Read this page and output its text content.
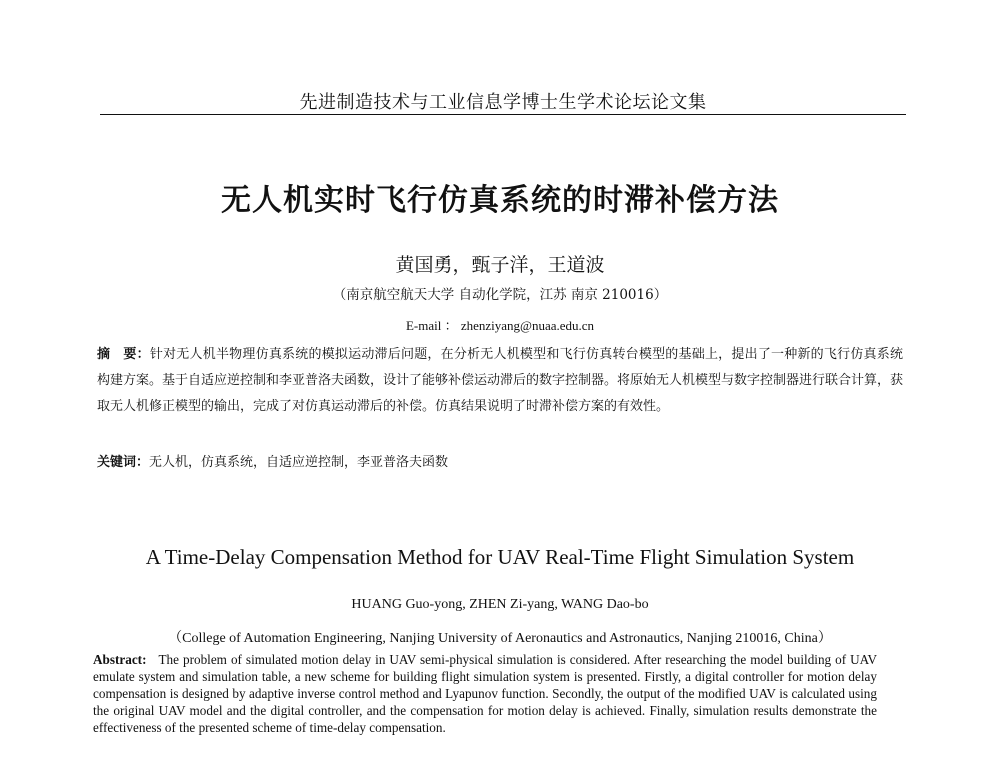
先进制造技术与工业信息学博士生学术论坛论文集
无人机实时飞行仿真系统的时滞补偿方法
黄国勇，甄子洋，王道波
（南京航空航天大学 自动化学院，江苏 南京 210016）
E-mail ： zhenziyang@nuaa.edu.cn
摘　要：针对无人机半物理仿真系统的模拟运动滞后问题，在分析无人机模型和飞行仿真转台模型的基础上，提出了一种新的飞行仿真系统构建方案。基于自适应逆控制和李亚普洛夫函数，设计了能够补偿运动滞后的数字控制器。将原始无人机模型与数字控制器进行联合计算，获取无人机修正模型的输出，完成了对仿真运动滞后的补偿。仿真结果说明了时滞补偿方案的有效性。
关键词：无人机，仿真系统，自适应逆控制，李亚普洛夫函数
A Time-Delay Compensation Method for UAV Real-Time Flight Simulation System
HUANG Guo-yong, ZHEN Zi-yang, WANG Dao-bo
（College of Automation Engineering, Nanjing University of Aeronautics and Astronautics, Nanjing 210016, China）
Abstract: The problem of simulated motion delay in UAV semi-physical simulation is considered. After researching the model building of UAV emulate system and simulation table, a new scheme for building flight simulation system is presented. Firstly, a digital controller for motion delay compensation is designed by adaptive inverse control method and Lyapunov function. Secondly, the output of the modified UAV is calculated using the original UAV model and the digital controller, and the compensation for motion delay is achieved. Finally, simulation results demonstrate the effectiveness of the presented scheme of time-delay compensation.
